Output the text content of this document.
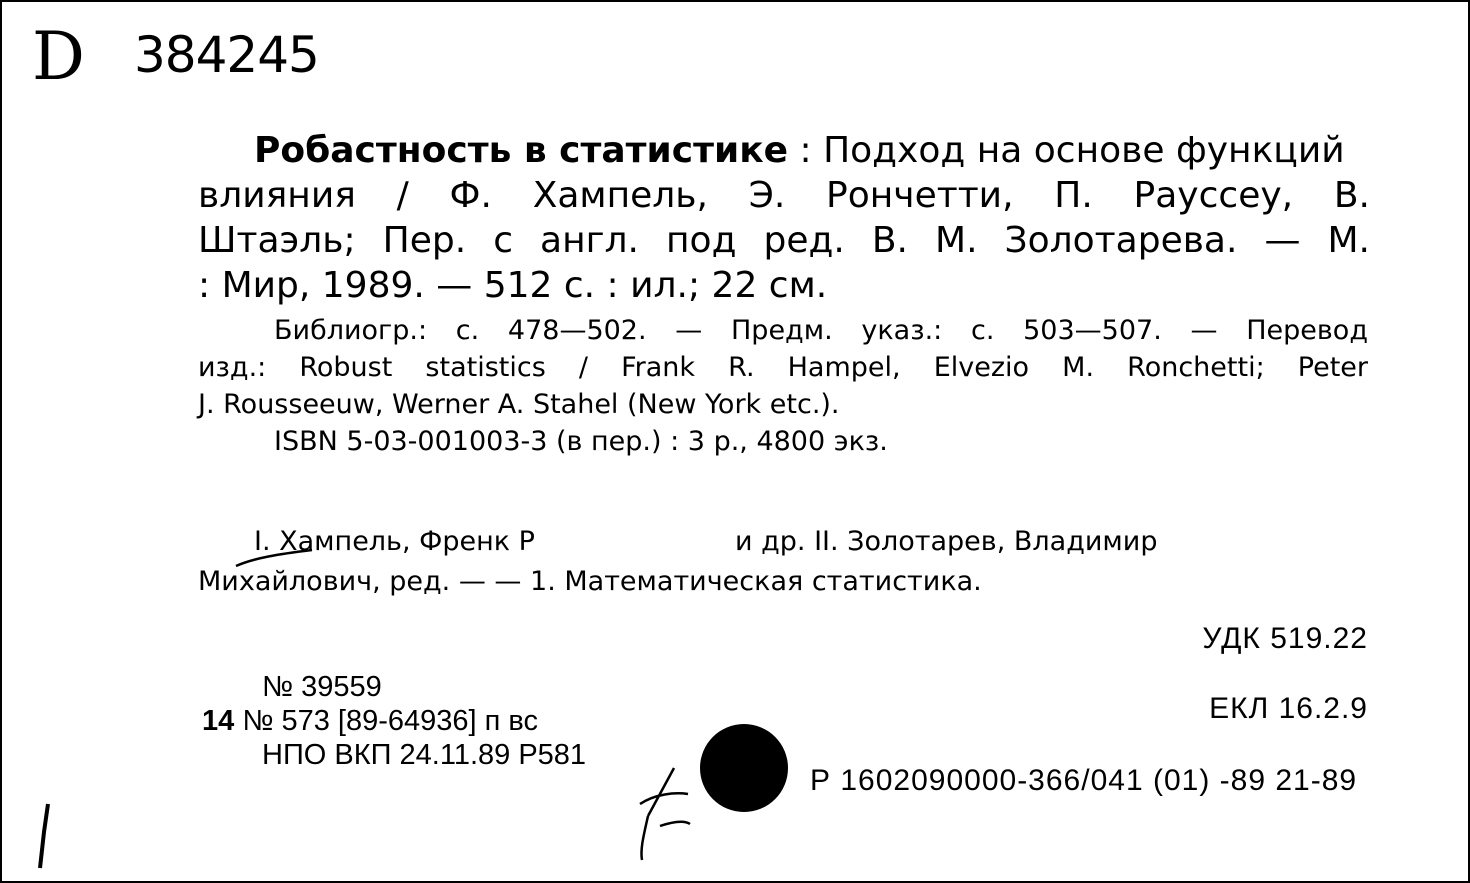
D 384245
Робастность в статистике : Подход на основе функций
влияния / Ф. Хампель, Э. Рончетти, П. Рауссеу, В.
Штаэль; Пер. с англ. под ред. В. М. Золотарева. — М.
: Мир, 1989. — 512 с. : ил.; 22 см.
Библиогр.: с. 478—502. — Предм. указ.: с. 503—507. — Перевод
изд.: Robust statistics / Frank R. Hampel, Elvezio M. Ronchetti; Peter
J. Rousseeuw, Werner A. Stahel (New York etc.).
ISBN 5-03-001003-3 (в пер.) : 3 р., 4800 экз.
I. Хампель, Френк Р	и др. II. Золотарев, Владимир
Михайлович, ред. — — 1. Математическая статистика.
УДК 519.22
ЕКЛ 16.2.9
№ 39559
14 № 573 [89-64936] п вс
НПО ВКП 24.11.89 Р581
Р 1602090000-366/041 (01) -89 21-89
